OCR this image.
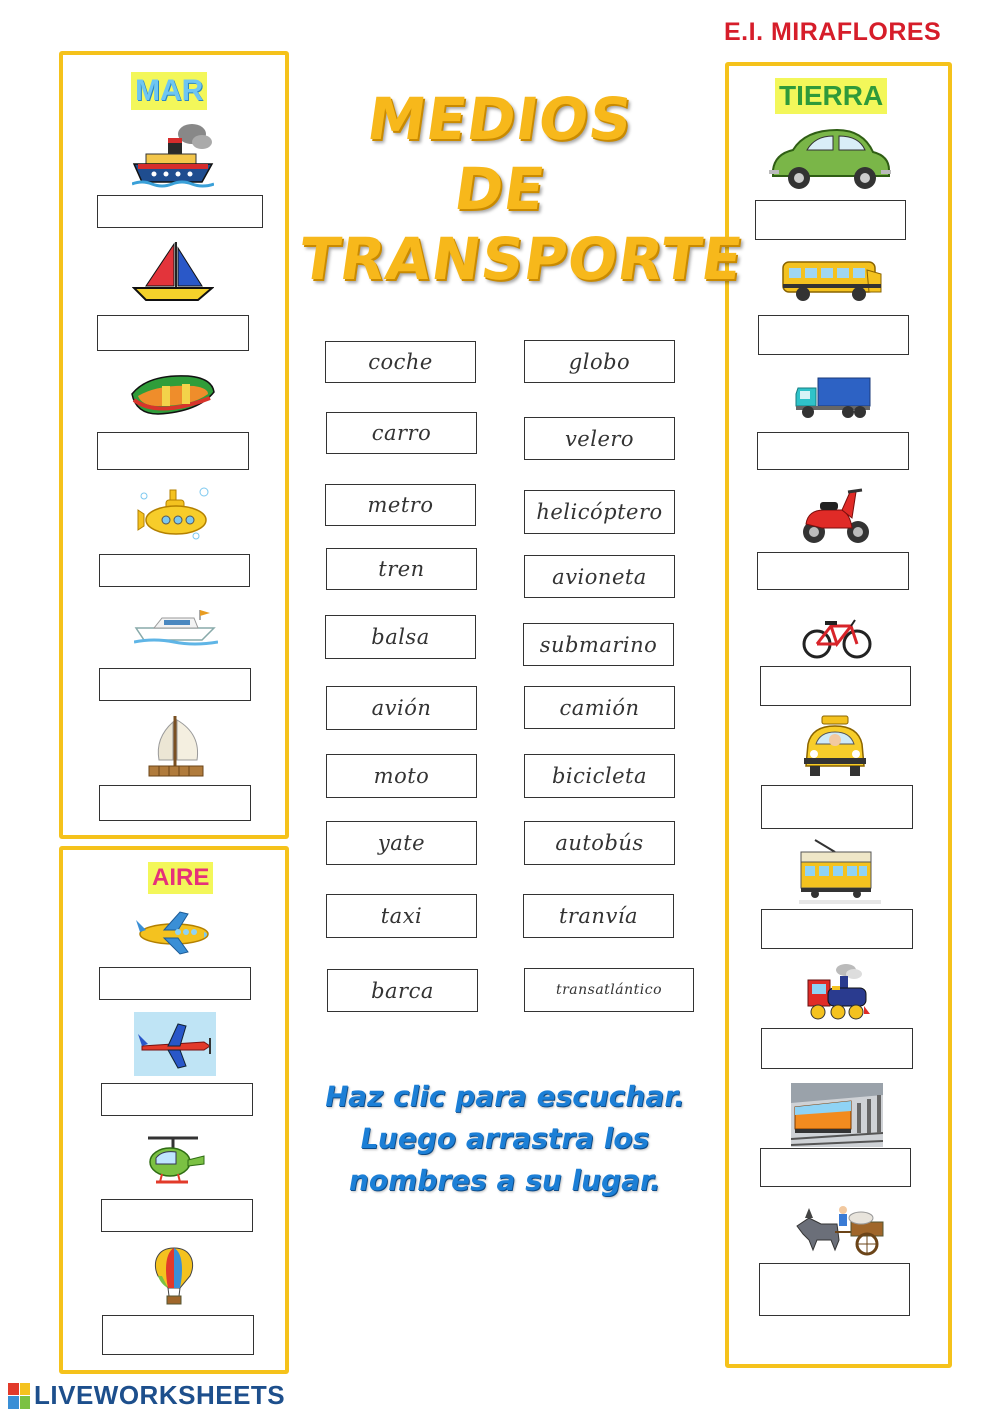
E.I. MIRAFLORES
MAR
AIRE
TIERRA
MEDIOS
DE
TRANSPORTE
coche
carro
metro
tren
balsa
avión
moto
yate
taxi
barca
globo
velero
helicóptero
avioneta
submarino
camión
bicicleta
autobús
tranvía
transatlántico
Haz clic para escuchar.
Luego arrastra los
nombres a su lugar.
LIVEWORKSHEETS
